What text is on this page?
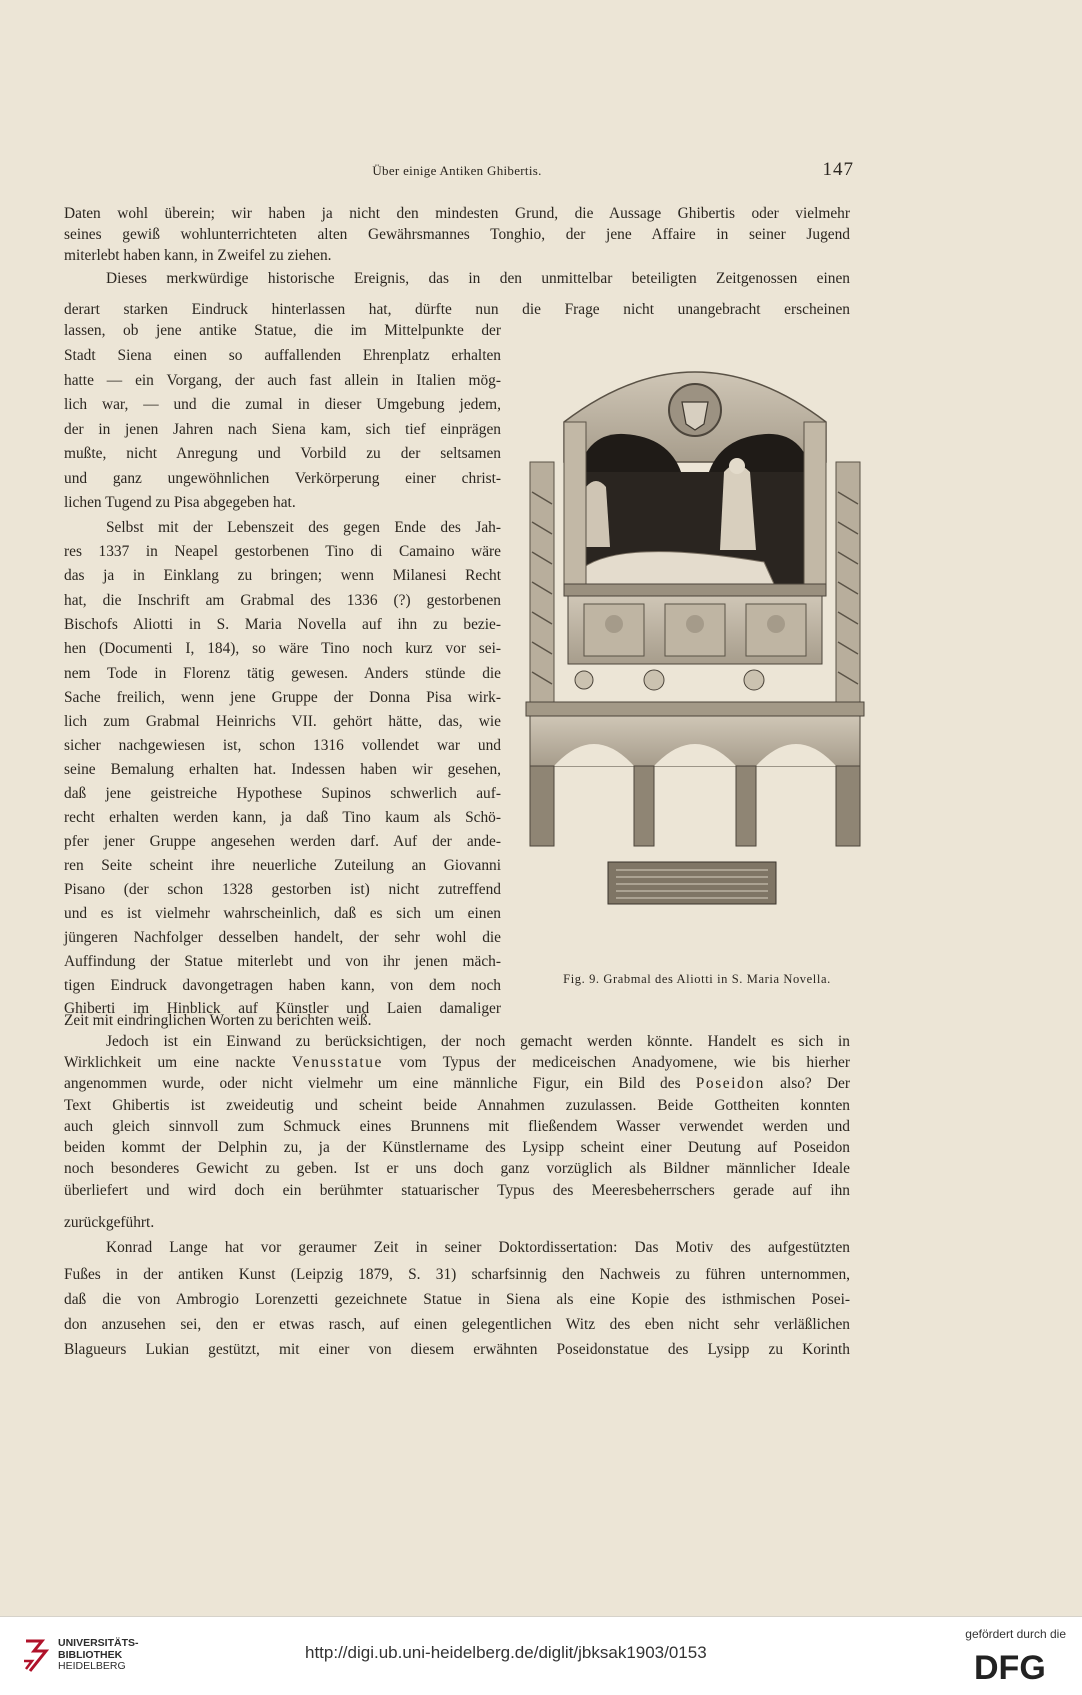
Über einige Antiken Ghibertis.	147
Daten wohl überein; wir haben ja nicht den mindesten Grund, die Aussage Ghibertis oder vielmehr
seines gewiß wohlunterrichteten alten Gewährsmannes Tonghio, der jene Affaire in seiner Jugend
miterlebt haben kann, in Zweifel zu ziehen.
Dieses merkwürdige historische Ereignis, das in den unmittelbar beteiligten Zeitgenossen einen
derart starken Eindruck hinterlassen hat, dürfte nun die Frage nicht unangebracht erscheinen
lassen, ob jene antike Statue, die im Mittelpunkte der
Stadt Siena einen so auffallenden Ehrenplatz erhalten
hatte — ein Vorgang, der auch fast allein in Italien mög-
lich war, — und die zumal in dieser Umgebung jedem,
der in jenen Jahren nach Siena kam, sich tief einprägen
mußte, nicht Anregung und Vorbild zu der seltsamen
und ganz ungewöhnlichen Verkörperung einer christ-
lichen Tugend zu Pisa abgegeben hat.
Selbst mit der Lebenszeit des gegen Ende des Jah-
res 1337 in Neapel gestorbenen Tino di Camaino wäre
das ja in Einklang zu bringen; wenn Milanesi Recht
hat, die Inschrift am Grabmal des 1336 (?) gestorbenen
Bischofs Aliotti in S. Maria Novella auf ihn zu bezie-
hen (Documenti I, 184), so wäre Tino noch kurz vor sei-
nem Tode in Florenz tätig gewesen. Anders stünde die
Sache freilich, wenn jene Gruppe der Donna Pisa wirk-
lich zum Grabmal Heinrichs VII. gehört hätte, das, wie
sicher nachgewiesen ist, schon 1316 vollendet war und
seine Bemalung erhalten hat. Indessen haben wir gesehen,
daß jene geistreiche Hypothese Supinos schwerlich auf-
recht erhalten werden kann, ja daß Tino kaum als Schö-
pfer jener Gruppe angesehen werden darf. Auf der ande-
ren Seite scheint ihre neuerliche Zuteilung an Giovanni
Pisano (der schon 1328 gestorben ist) nicht zutreffend
und es ist vielmehr wahrscheinlich, daß es sich um einen
jüngeren Nachfolger desselben handelt, der sehr wohl die
Auffindung der Statue miterlebt und von ihr jenen mäch-
tigen Eindruck davongetragen haben kann, von dem noch
Ghiberti im Hinblick auf Künstler und Laien damaliger
Zeit mit eindringlichen Worten zu berichten weiß.
Jedoch ist ein Einwand zu berücksichtigen, der noch gemacht werden könnte. Handelt es sich in
Wirklichkeit um eine nackte Venusstatue vom Typus der mediceischen Anadyomene, wie bis hierher
angenommen wurde, oder nicht vielmehr um eine männliche Figur, ein Bild des Poseidon also? Der
Text Ghibertis ist zweideutig und scheint beide Annahmen zuzulassen. Beide Gottheiten konnten
auch gleich sinnvoll zum Schmuck eines Brunnens mit fließendem Wasser verwendet werden und
beiden kommt der Delphin zu, ja der Künstlername des Lysipp scheint einer Deutung auf Poseidon
noch besonderes Gewicht zu geben. Ist er uns doch ganz vorzüglich als Bildner männlicher Ideale
überliefert und wird doch ein berühmter statuarischer Typus des Meeresbeherrschers gerade auf ihn
zurückgeführt.
Konrad Lange hat vor geraumer Zeit in seiner Doktordissertation: Das Motiv des aufgestützten
Fußes in der antiken Kunst (Leipzig 1879, S. 31) scharfsinnig den Nachweis zu führen unternommen,
daß die von Ambrogio Lorenzetti gezeichnete Statue in Siena als eine Kopie des isthmischen Posei-
don anzusehen sei, den er etwas rasch, auf einen gelegentlichen Witz des eben nicht sehr verläßlichen
Blagueurs Lukian gestützt, mit einer von diesem erwähnten Poseidonstatue des Lysipp zu Korinth
Fig. 9. Grabmal des Aliotti in S. Maria Novella.
UNIVERSITÄTS-
BIBLIOTHEK
HEIDELBERG
http://digi.ub.uni-heidelberg.de/diglit/jbksak1903/0153
gefördert durch die
DFG
